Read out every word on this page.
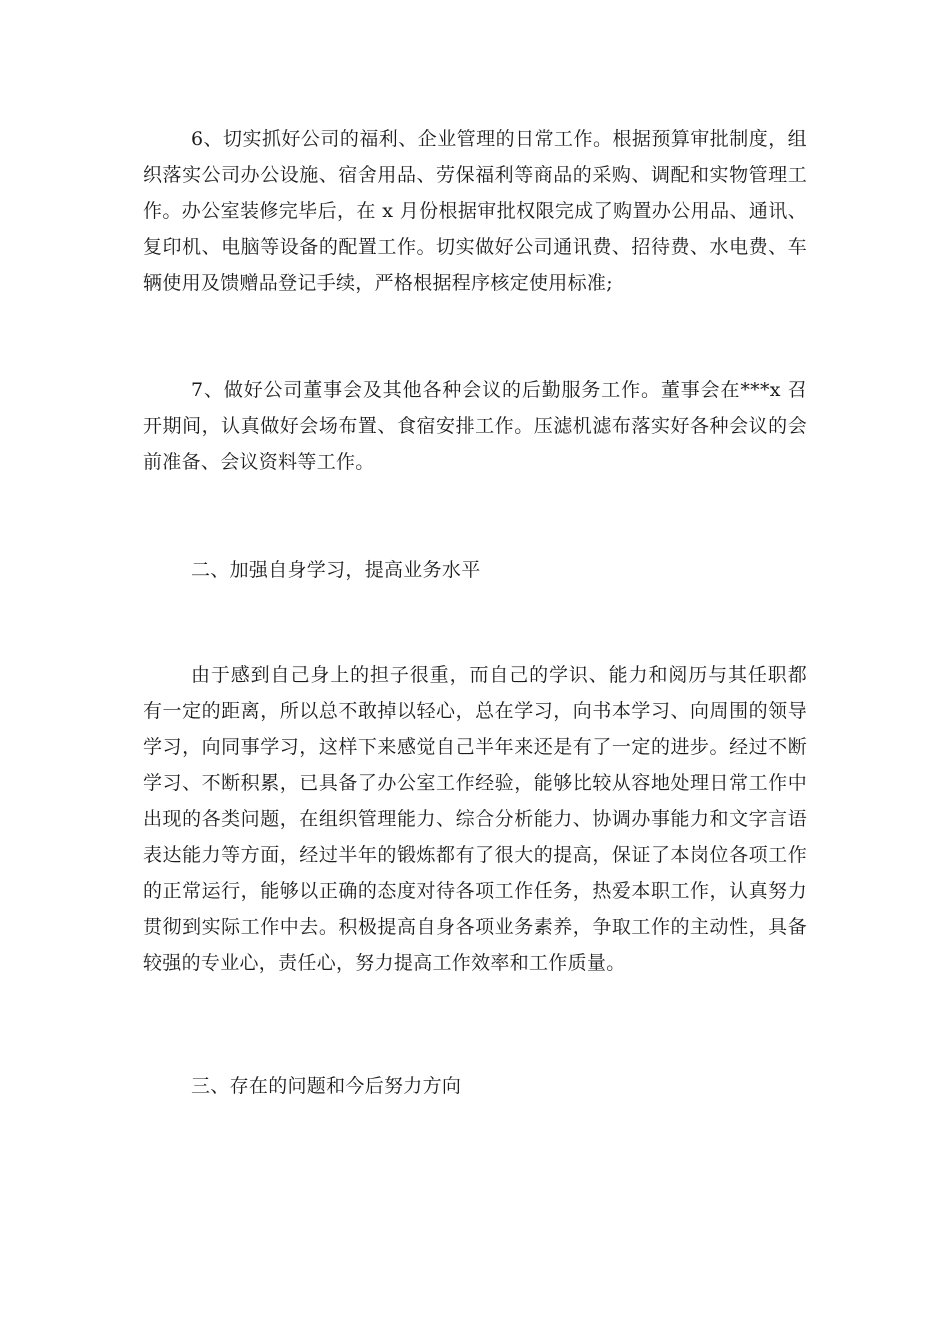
6、切实抓好公司的福利、企业管理的日常工作。根据预算审批制度，组织落实公司办公设施、宿舍用品、劳保福利等商品的采购、调配和实物管理工作。办公室装修完毕后，在 x 月份根据审批权限完成了购置办公用品、通讯、复印机、电脑等设备的配置工作。切实做好公司通讯费、招待费、水电费、车辆使用及馈赠品登记手续，严格根据程序核定使用标准;

7、做好公司董事会及其他各种会议的后勤服务工作。董事会在***x 召开期间，认真做好会场布置、食宿安排工作。压滤机滤布落实好各种会议的会前准备、会议资料等工作。

二、加强自身学习，提高业务水平

由于感到自己身上的担子很重，而自己的学识、能力和阅历与其任职都有一定的距离，所以总不敢掉以轻心，总在学习，向书本学习、向周围的领导学习，向同事学习，这样下来感觉自己半年来还是有了一定的进步。经过不断学习、不断积累，已具备了办公室工作经验，能够比较从容地处理日常工作中出现的各类问题，在组织管理能力、综合分析能力、协调办事能力和文字言语表达能力等方面，经过半年的锻炼都有了很大的提高，保证了本岗位各项工作的正常运行，能够以正确的态度对待各项工作任务，热爱本职工作，认真努力贯彻到实际工作中去。积极提高自身各项业务素养，争取工作的主动性，具备较强的专业心，责任心，努力提高工作效率和工作质量。

三、存在的问题和今后努力方向
